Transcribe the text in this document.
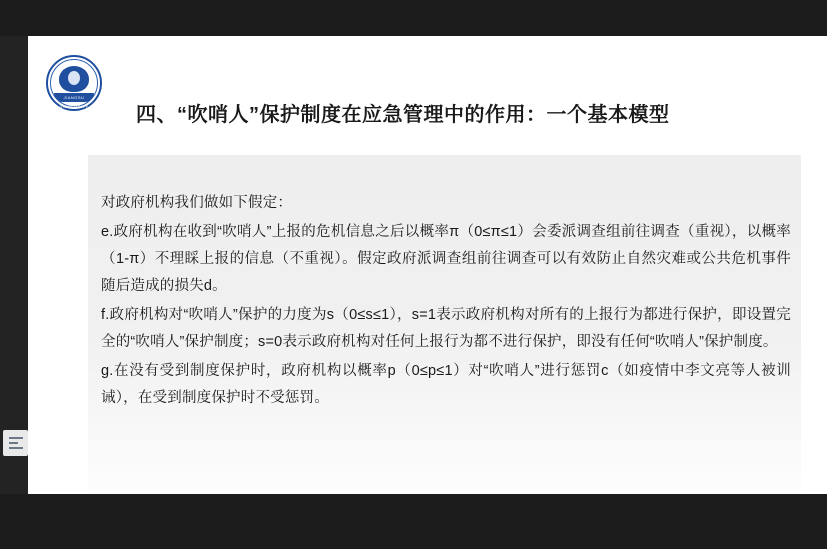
JIANGSU UNIVERSITY 四、“吹哨人”保护制度在应急管理中的作用：一个基本模型

对政府机构我们做如下假定：

e.政府机构在收到“吹哨人”上报的危机信息之后以概率π（0≤π≤1）会委派调查组前往调查（重视），以概率（1-π）不理睬上报的信息（不重视）。假定政府派调查组前往调查可以有效防止自然灾难或公共危机事件随后造成的损失d。

f.政府机构对“吹哨人”保护的力度为s（0≤s≤1），s=1表示政府机构对所有的上报行为都进行保护，即设置完全的“吹哨人”保护制度；s=0表示政府机构对任何上报行为都不进行保护，即没有任何“吹哨人”保护制度。

g.在没有受到制度保护时，政府机构以概率p（0≤p≤1）对“吹哨人”进行惩罚c（如疫情中李文亮等人被训诫），在受到制度保护时不受惩罚。
